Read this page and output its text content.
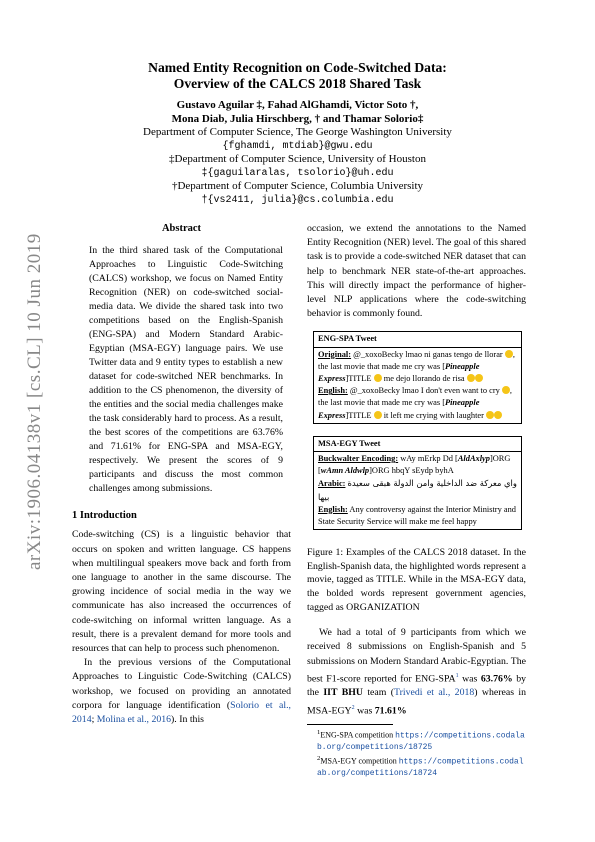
Named Entity Recognition on Code-Switched Data:
Overview of the CALCS 2018 Shared Task
Gustavo Aguilar ‡, Fahad AlGhamdi, Victor Soto †,
Mona Diab, Julia Hirschberg, † and Thamar Solorio‡
Department of Computer Science, The George Washington University
{fghamdi, mtdiab}@gwu.edu
‡Department of Computer Science, University of Houston
‡{gaguilaralas, tsolorio}@uh.edu
†Department of Computer Science, Columbia University
†{vs2411, julia}@cs.columbia.edu
arXiv:1906.04138v1 [cs.CL] 10 Jun 2019
Abstract

In the third shared task of the Computational Approaches to Linguistic Code-Switching (CALCS) workshop, we focus on Named Entity Recognition (NER) on code-switched social-media data. We divide the shared task into two competitions based on the English-Spanish (ENG-SPA) and Modern Standard Arabic-Egyptian (MSA-EGY) language pairs. We use Twitter data and 9 entity types to establish a new dataset for code-switched NER benchmarks. In addition to the CS phenomenon, the diversity of the entities and the social media challenges make the task considerably hard to process. As a result, the best scores of the competitions are 63.76% and 71.61% for ENG-SPA and MSA-EGY, respectively. We present the scores of 9 participants and discuss the most common challenges among submissions.

1 Introduction

Code-switching (CS) is a linguistic behavior that occurs on spoken and written language. CS happens when multilingual speakers move back and forth from one language to another in the same discourse. The growing incidence of social media in the way we communicate has also increased the occurrences of code-switching on informal written language. As a result, there is a prevalent demand for more tools and resources that can help to process such phenomenon.

In the previous versions of the Computational Approaches to Linguistic Code-Switching (CALCS) workshop, we focused on providing an annotated corpora for language identification (Solorio et al., 2014; Molina et al., 2016). In this

occasion, we extend the annotations to the Named Entity Recognition (NER) level. The goal of this shared task is to provide a code-switched NER dataset that can help to benchmark NER state-of-the-art approaches. This will directly impact the performance of higher-level NLP applications where the code-switching behavior is commonly found.

ENG-SPA Tweet
Original: @_xoxoBecky lmao ni ganas tengo de llorar , the last movie that made me cry was [Pineapple Express]TITLE  me dejo llorando de risa
English: @_xoxoBecky lmao I don't even want to cry , the last movie that made me cry was [Pineapple Express]TITLE  it left me crying with laughter
MSA-EGY Tweet
Buckwalter Encoding: wAy mErkp Dd [AldAxlyp]ORG [wAmn Aldwlp]ORG hbqY sEydp byhA
Arabic: واي معركة ضد الداخلية وامن الدولة هبقى سعيدة بيها
English: Any controversy against the Interior Ministry and State Security Service will make me feel happy

Figure 1: Examples of the CALCS 2018 dataset. In the English-Spanish data, the highlighted words represent a movie, tagged as TITLE. While in the MSA-EGY data, the bolded words represent government agencies, tagged as ORGANIZATION

We had a total of 9 participants from which we received 8 submissions on English-Spanish and 5 submissions on Modern Standard Arabic-Egyptian. The best F1-score reported for ENG-SPA$^1$ was 63.76% by the IIT BHU team (Trivedi et al., 2018) whereas in MSA-EGY$^2$ was 71.61%

$^1$ENG-SPA competition https://competitions.codalab.org/competitions/18725
$^2$MSA-EGY competition https://competitions.codalab.org/competitions/18724
